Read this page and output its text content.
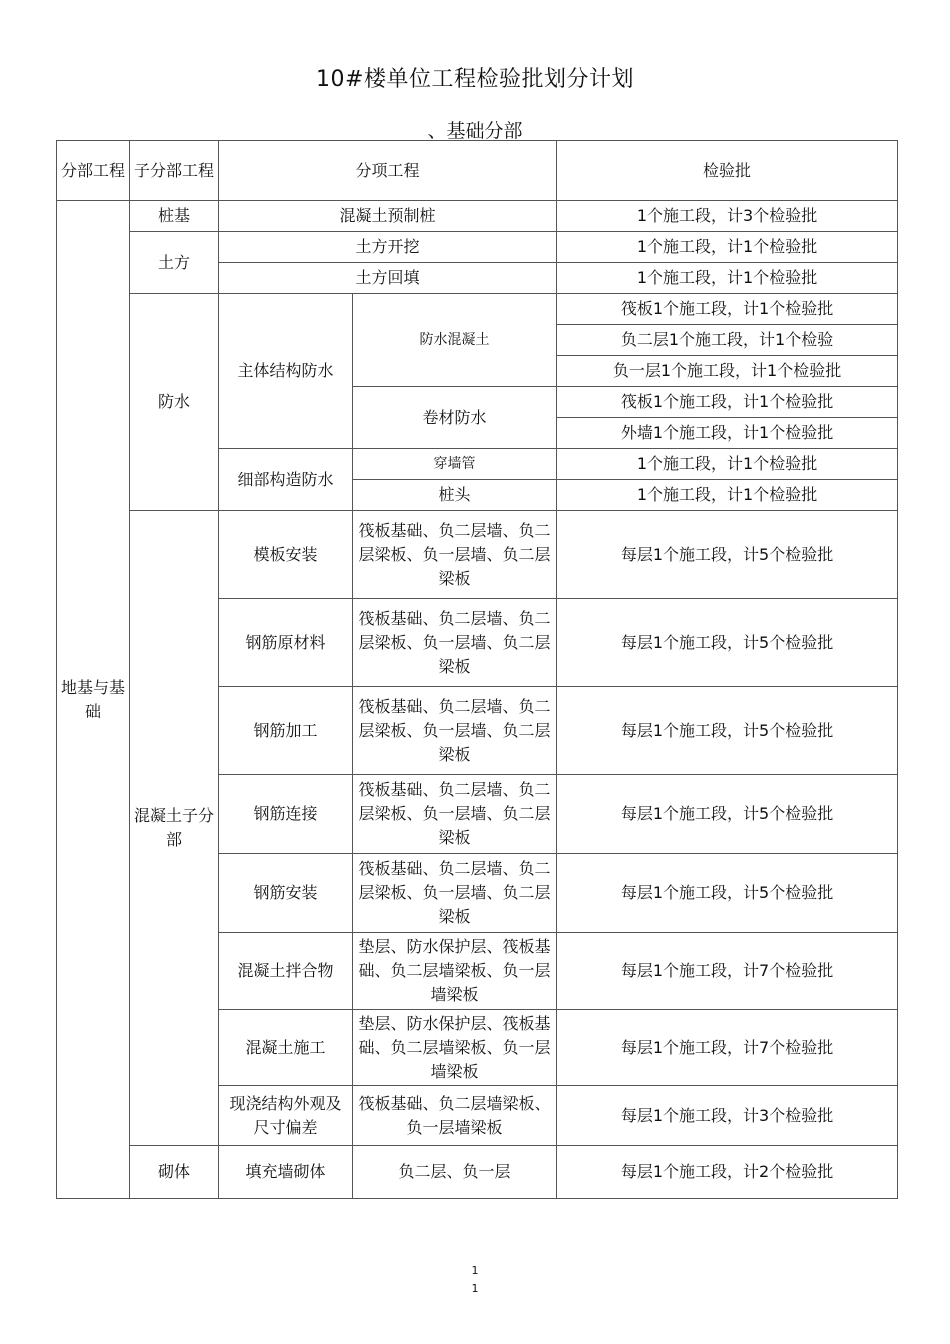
10#楼单位工程检验批划分计划
、基础分部
分部工程	子分部工程	分项工程		检验批
地基与基础	桩基	混凝土预制桩		1个施工段，计3个检验批
	土方	土方开挖		1个施工段，计1个检验批
		土方回填		1个施工段，计1个检验批
	防水	主体结构防水	防水混凝土	筏板1个施工段，计1个检验批
				负二层1个施工段，计1个检验
				负一层1个施工段，计1个检验批
			卷材防水	筏板1个施工段，计1个检验批
				外墙1个施工段，计1个检验批
		细部构造防水	穿墙管	1个施工段，计1个检验批
			桩头	1个施工段，计1个检验批
	混凝土子分部	模板安装	筏板基础、负二层墙、负二层梁板、负一层墙、负二层梁板	每层1个施工段，计5个检验批
		钢筋原材料	筏板基础、负二层墙、负二层梁板、负一层墙、负二层梁板	每层1个施工段，计5个检验批
		钢筋加工	筏板基础、负二层墙、负二层梁板、负一层墙、负二层梁板	每层1个施工段，计5个检验批
		钢筋连接	筏板基础、负二层墙、负二层梁板、负一层墙、负二层梁板	每层1个施工段，计5个检验批
		钢筋安装	筏板基础、负二层墙、负二层梁板、负一层墙、负二层梁板	每层1个施工段，计5个检验批
		混凝土拌合物	垫层、防水保护层、筏板基础、负二层墙梁板、负一层墙梁板	每层1个施工段，计7个检验批
		混凝土施工	垫层、防水保护层、筏板基础、负二层墙梁板、负一层墙梁板	每层1个施工段，计7个检验批
		现浇结构外观及尺寸偏差	筏板基础、负二层墙梁板、负一层墙梁板	每层1个施工段，计3个检验批
	砌体	填充墙砌体	负二层、负一层	每层1个施工段，计2个检验批
1
1
